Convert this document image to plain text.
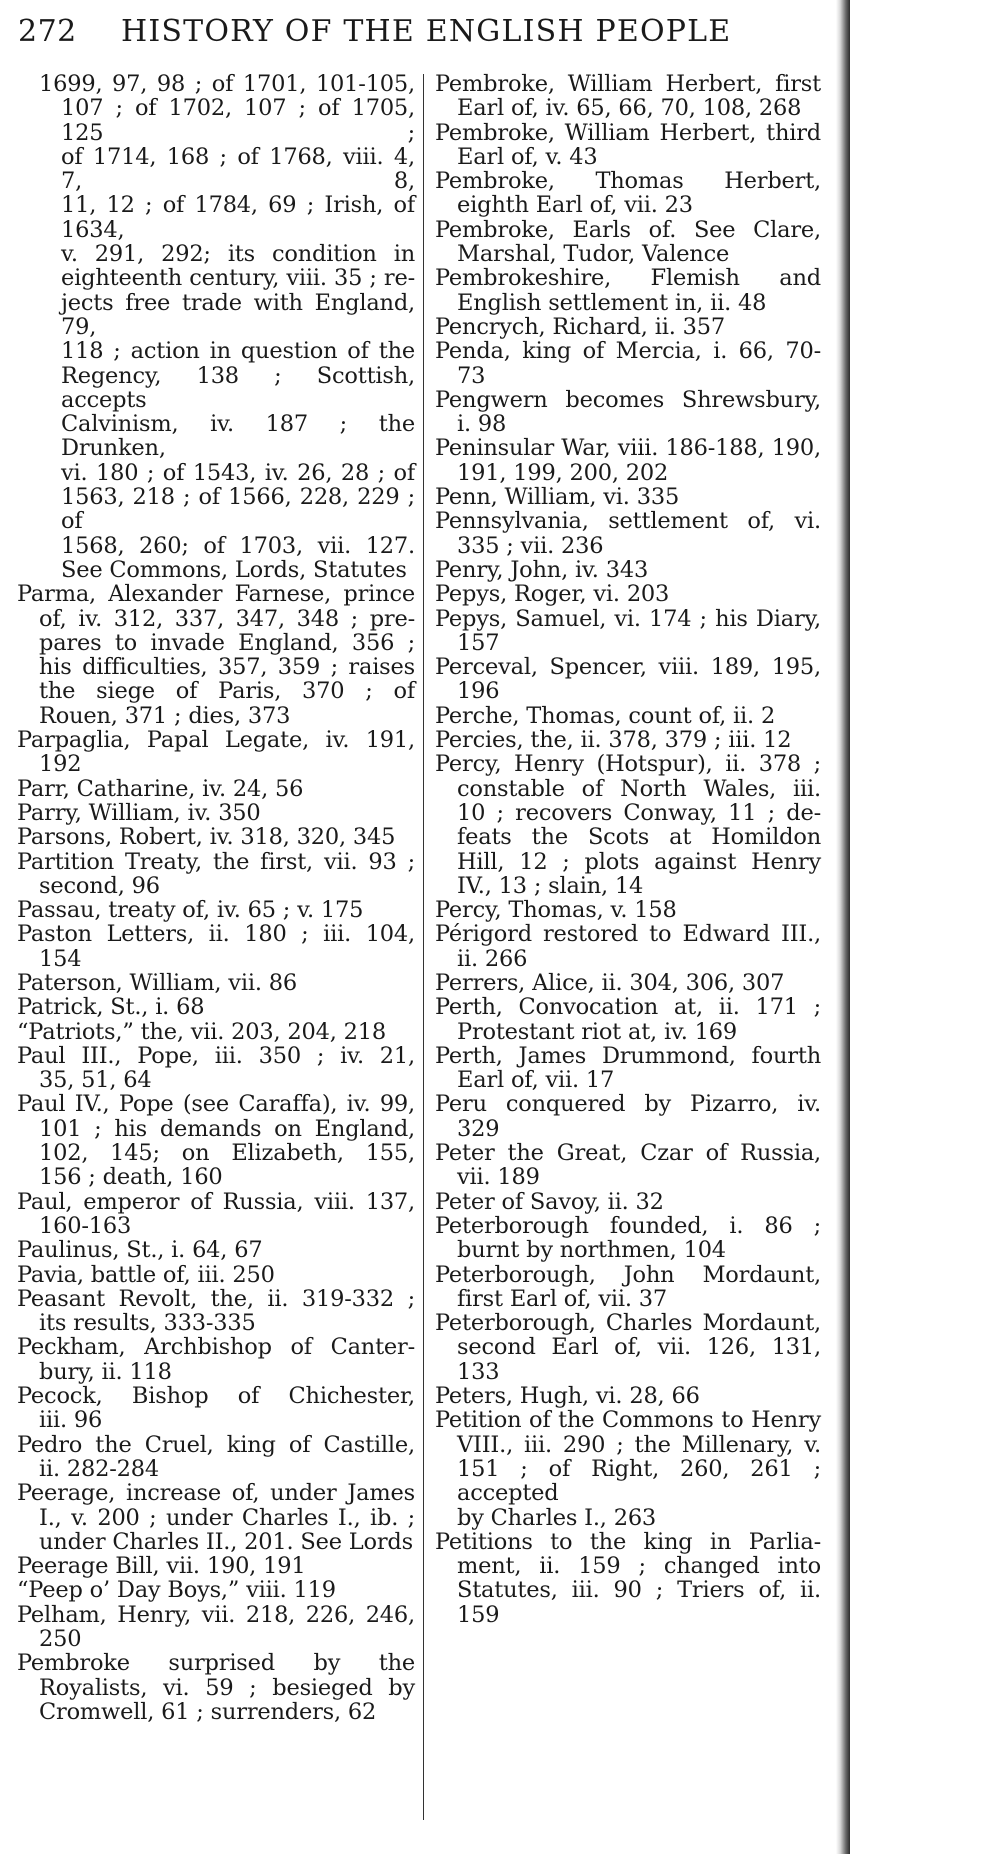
272 HISTORY OF THE ENGLISH PEOPLE
1699, 97, 98 ; of 1701, 101-105,
107 ; of 1702, 107 ; of 1705, 125 ;
of 1714, 168 ; of 1768, viii. 4, 7, 8,
11, 12 ; of 1784, 69 ; Irish, of 1634,
v. 291, 292; its condition in
eighteenth century, viii. 35 ; re-
jects free trade with England, 79,
118 ; action in question of the
Regency, 138 ; Scottish, accepts
Calvinism, iv. 187 ; the Drunken,
vi. 180 ; of 1543, iv. 26, 28 ; of
1563, 218 ; of 1566, 228, 229 ; of
1568, 260; of 1703, vii. 127.
See Commons, Lords, Statutes
Parma, Alexander Farnese, prince
of, iv. 312, 337, 347, 348 ; pre-
pares to invade England, 356 ;
his difficulties, 357, 359 ; raises
the siege of Paris, 370 ; of
Rouen, 371 ; dies, 373
Parpaglia, Papal Legate, iv. 191,
192
Parr, Catharine, iv. 24, 56
Parry, William, iv. 350
Parsons, Robert, iv. 318, 320, 345
Partition Treaty, the first, vii. 93 ;
second, 96
Passau, treaty of, iv. 65 ; v. 175
Paston Letters, ii. 180 ; iii. 104, 154
Paterson, William, vii. 86
Patrick, St., i. 68
“Patriots,” the, vii. 203, 204, 218
Paul III., Pope, iii. 350 ; iv. 21,
35, 51, 64
Paul IV., Pope (see Caraffa), iv. 99,
101 ; his demands on England,
102, 145; on Elizabeth, 155,
156 ; death, 160
Paul, emperor of Russia, viii. 137,
160-163
Paulinus, St., i. 64, 67
Pavia, battle of, iii. 250
Peasant Revolt, the, ii. 319-332 ;
its results, 333-335
Peckham, Archbishop of Canter-
bury, ii. 118
Pecock, Bishop of Chichester,
iii. 96
Pedro the Cruel, king of Castille,
ii. 282-284
Peerage, increase of, under James
I., v. 200 ; under Charles I., ib. ;
under Charles II., 201. See Lords
Peerage Bill, vii. 190, 191
“Peep o’ Day Boys,” viii. 119
Pelham, Henry, vii. 218, 226, 246,
250
Pembroke surprised by the
Royalists, vi. 59 ; besieged by
Cromwell, 61 ; surrenders, 62
Pembroke, William Herbert, first
Earl of, iv. 65, 66, 70, 108, 268
Pembroke, William Herbert, third
Earl of, v. 43
Pembroke, Thomas Herbert,
eighth Earl of, vii. 23
Pembroke, Earls of. See Clare,
Marshal, Tudor, Valence
Pembrokeshire, Flemish and
English settlement in, ii. 48
Pencrych, Richard, ii. 357
Penda, king of Mercia, i. 66, 70-73
Pengwern becomes Shrewsbury,
i. 98
Peninsular War, viii. 186-188, 190,
191, 199, 200, 202
Penn, William, vi. 335
Pennsylvania, settlement of, vi.
335 ; vii. 236
Penry, John, iv. 343
Pepys, Roger, vi. 203
Pepys, Samuel, vi. 174 ; his Diary,
157
Perceval, Spencer, viii. 189, 195,
196
Perche, Thomas, count of, ii. 2
Percies, the, ii. 378, 379 ; iii. 12
Percy, Henry (Hotspur), ii. 378 ;
constable of North Wales, iii.
10 ; recovers Conway, 11 ; de-
feats the Scots at Homildon
Hill, 12 ; plots against Henry
IV., 13 ; slain, 14
Percy, Thomas, v. 158
Périgord restored to Edward III.,
ii. 266
Perrers, Alice, ii. 304, 306, 307
Perth, Convocation at, ii. 171 ;
Protestant riot at, iv. 169
Perth, James Drummond, fourth
Earl of, vii. 17
Peru conquered by Pizarro, iv.
329
Peter the Great, Czar of Russia,
vii. 189
Peter of Savoy, ii. 32
Peterborough founded, i. 86 ;
burnt by northmen, 104
Peterborough, John Mordaunt,
first Earl of, vii. 37
Peterborough, Charles Mordaunt,
second Earl of, vii. 126, 131, 133
Peters, Hugh, vi. 28, 66
Petition of the Commons to Henry
VIII., iii. 290 ; the Millenary, v.
151 ; of Right, 260, 261 ; accepted
by Charles I., 263
Petitions to the king in Parlia-
ment, ii. 159 ; changed into
Statutes, iii. 90 ; Triers of, ii. 159
